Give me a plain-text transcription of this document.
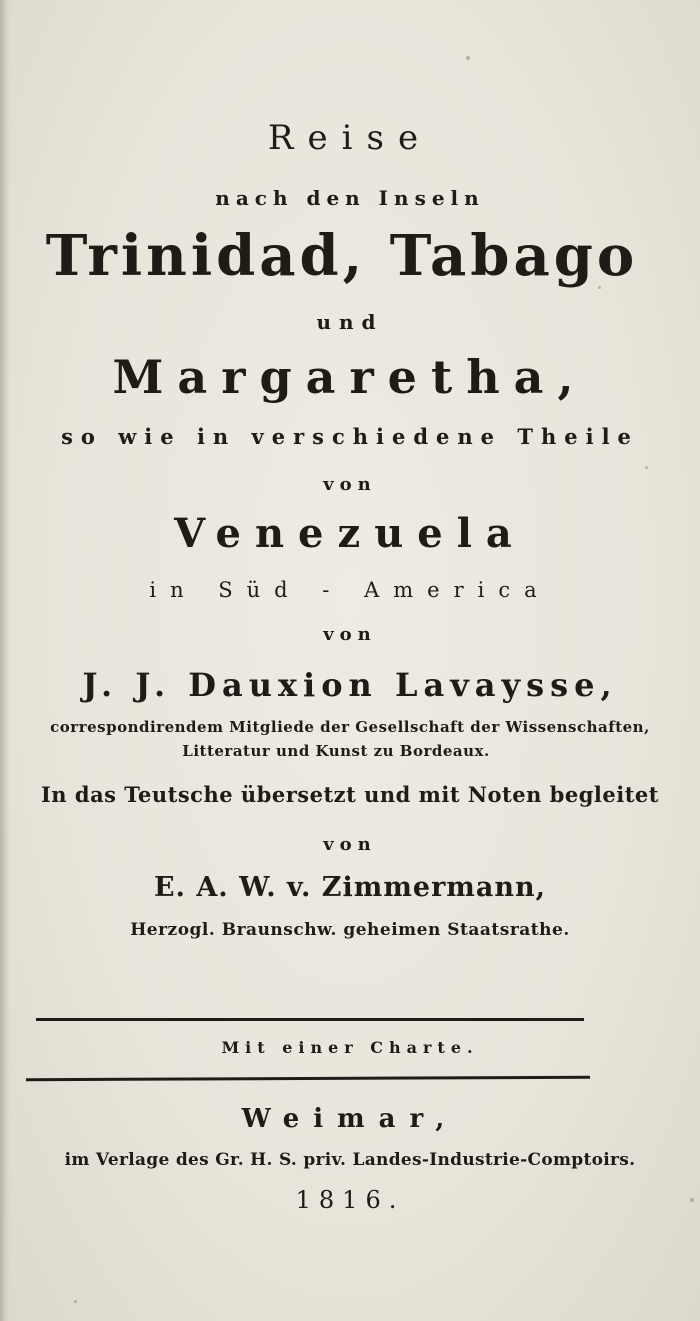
Reise
nach den Inseln
Trinidad, Tabago
und
Margaretha,
so wie in verschiedene Theile
von
Venezuela
in Süd - America
von
J. J. Dauxion Lavaysse,
correspondirendem Mitgliede der Gesellschaft der Wissenschaften,
Litteratur und Kunst zu Bordeaux.
In das Teutsche übersetzt und mit Noten begleitet
von
E. A. W. v. Zimmermann,
Herzogl. Braunschw. geheimen Staatsrathe.
Mit einer Charte.
Weimar,
im Verlage des Gr. H. S. priv. Landes-Industrie-Comptoirs.
1816.
